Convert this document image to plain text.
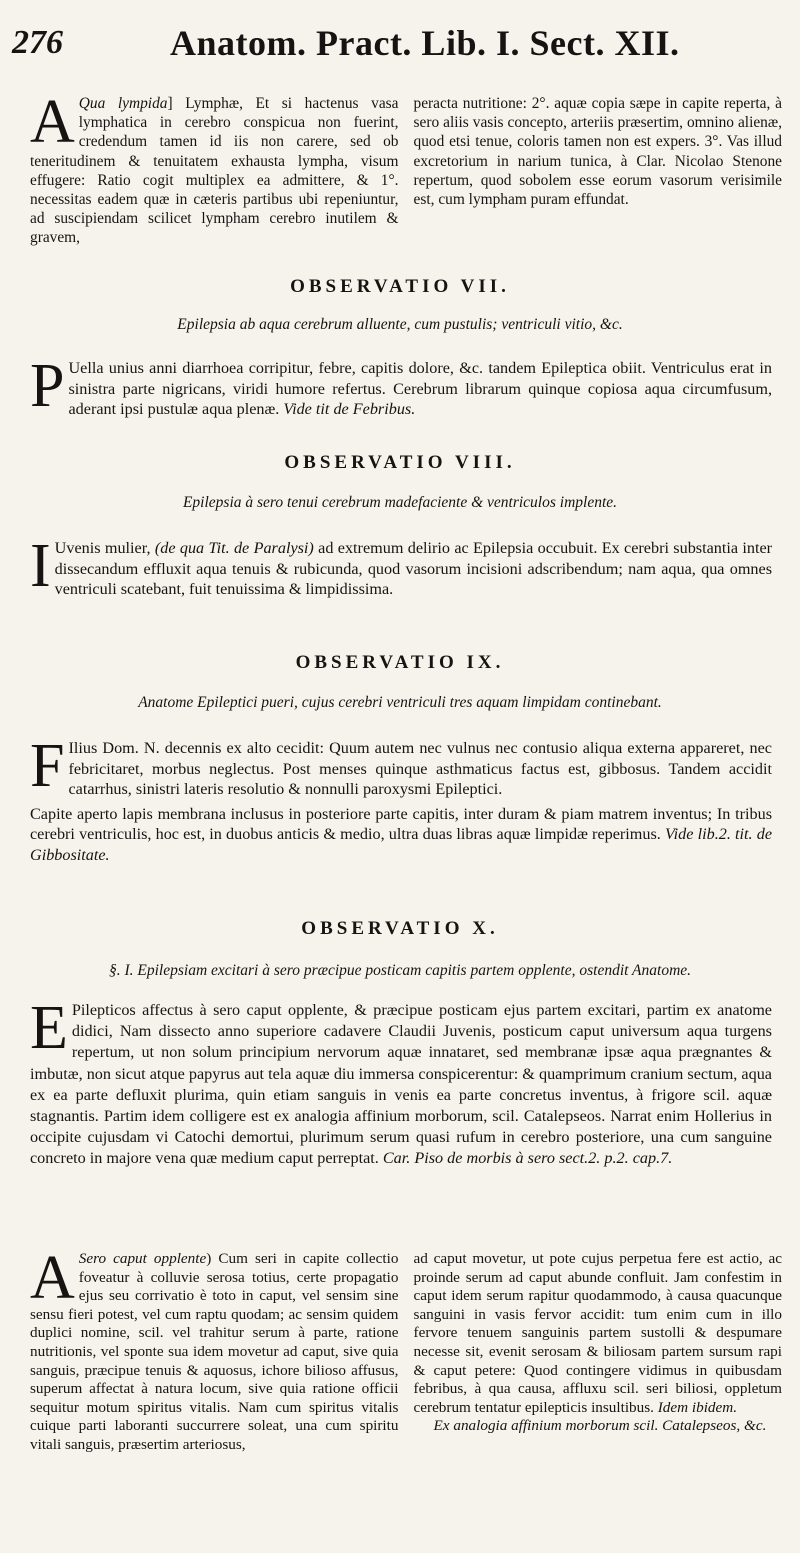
276	Anatom. Pract. Lib. I. Sect. XII.
A Qua lympida] Lymphæ, Et si hactenus vasa lymphatica in cerebro conspicua non fuerint, credendum tamen id iis non carere, sed ob teneritudinem & tenuitatem exhausta lympha, visum effugere: Ratio cogit multiplex ea admittere, & 1°. necessitas eadem quæ in cæteris partibus ubi repeniuntur, ad suscipiendam scilicet lympham cerebro inutilem & gravem,
peracta nutritione: 2°. aquæ copia sæpe in capite reperta, à sero aliis vasis concepto, arteriis præsertim, omnino alienæ, quod etsi tenue, coloris tamen non est expers. 3°. Vas illud excretorium in narium tunica, à Clar. Nicolao Stenone repertum, quod sobolem esse eorum vasorum verisimile est, cum lympham puram effundat.
OBSERVATIO VII.
Epilepsia ab aqua cerebrum alluente, cum pustulis; ventriculi vitio, &c.
P Uella unius anni diarrhoea corripitur, febre, capitis dolore, &c. tandem Epileptica obiit. Ventriculus erat in sinistra parte nigricans, viridi humore refertus. Cerebrum librarum quinque copiosa aqua circumfusum, aderant ipsi pustulæ aqua plenæ. Vide tit de Febribus.
OBSERVATIO VIII.
Epilepsia à sero tenui cerebrum madefaciente & ventriculos implente.
I Uvenis mulier, (de qua Tit. de Paralysi) ad extremum delirio ac Epilepsia occubuit. Ex cerebri substantia inter dissecandum effluxit aqua tenuis & rubicunda, quod vasorum incisioni adscribendum; nam aqua, qua omnes ventriculi scatebant, fuit tenuissima & limpidissima.
OBSERVATIO IX.
Anatome Epileptici pueri, cujus cerebri ventriculi tres aquam limpidam continebant.

F Ilius Dom. N. decennis ex alto cecidit: Quum autem nec vulnus nec contusio aliqua externa appareret, nec febricitaret, morbus neglectus. Post menses quinque asthmaticus factus est, gibbosus. Tandem accidit catarrhus, sinistri lateris resolutio & nonnulli paroxysmi Epileptici.

Capite aperto lapis membrana inclusus in posteriore parte capitis, inter duram & piam matrem inventus; In tribus cerebri ventriculis, hoc est, in duobus anticis & medio, ultra duas libras aquæ limpidæ reperimus. Vide lib.2. tit. de Gibbositate.

OBSERVATIO X.
§. I. Epilepsiam excitari à sero præcipue posticam capitis partem opplente, ostendit Anatome.
E Pilepticos affectus à sero caput opplente, & præcipue posticam ejus partem excitari, partim ex anatome didici, Nam dissecto anno superiore cadavere Claudii Juvenis, posticum caput universum aqua turgens repertum, ut non solum principium nervorum aquæ innataret, sed membranæ ipsæ aqua prægnantes & imbutæ, non sicut atque papyrus aut tela aquæ diu immersa conspicerentur: & quamprimum cranium sectum, aqua ex ea parte defluxit plurima, quin etiam sanguis in venis ea parte concretus inventus, à frigore scil. aquæ stagnantis. Partim idem colligere est ex analogia affinium morborum, scil. Catalepseos. Narrat enim Hollerius in occipite cujusdam vi Catochi demortui, plurimum serum quasi rufum in cerebro posteriore, una cum sanguine concreto in majore vena quæ medium caput perreptat. Car. Piso de morbis à sero sect.2. p.2. cap.7.
A Sero caput opplente) Cum seri in capite collectio foveatur à colluvie serosa totius, certe propagatio ejus seu corrivatio è toto in caput, vel sensim sine sensu fieri potest, vel cum raptu quodam; ac sensim quidem duplici nomine, scil. vel trahitur serum à parte, ratione nutritionis, vel sponte sua idem movetur ad caput, sive quia sanguis, præcipue tenuis & aquosus, ichore bilioso affusus, superum affectat à natura locum, sive quia ratione officii sequitur motum spiritus vitalis. Nam cum spiritus vitalis cuique parti laboranti succurrere soleat, una cum spiritu vitali sanguis, præsertim arteriosus,
ad caput movetur, ut pote cujus perpetua fere est actio, ac proinde serum ad caput abunde confluit. Jam confestim in caput idem serum rapitur quodammodo, à causa quacunque sanguini in vasis fervor accidit: tum enim cum in illo fervore tenuem sanguinis partem sustolli & despumare necesse sit, evenit serosam & biliosam partem sursum rapi & caput petere: Quod contingere vidimus in quibusdam febribus, à qua causa, affluxu scil. seri biliosi, oppletum cerebrum tentatur epilepticis insultibus. Idem ibidem.

Ex analogia affinium morborum scil. Catalepseos, &c.
